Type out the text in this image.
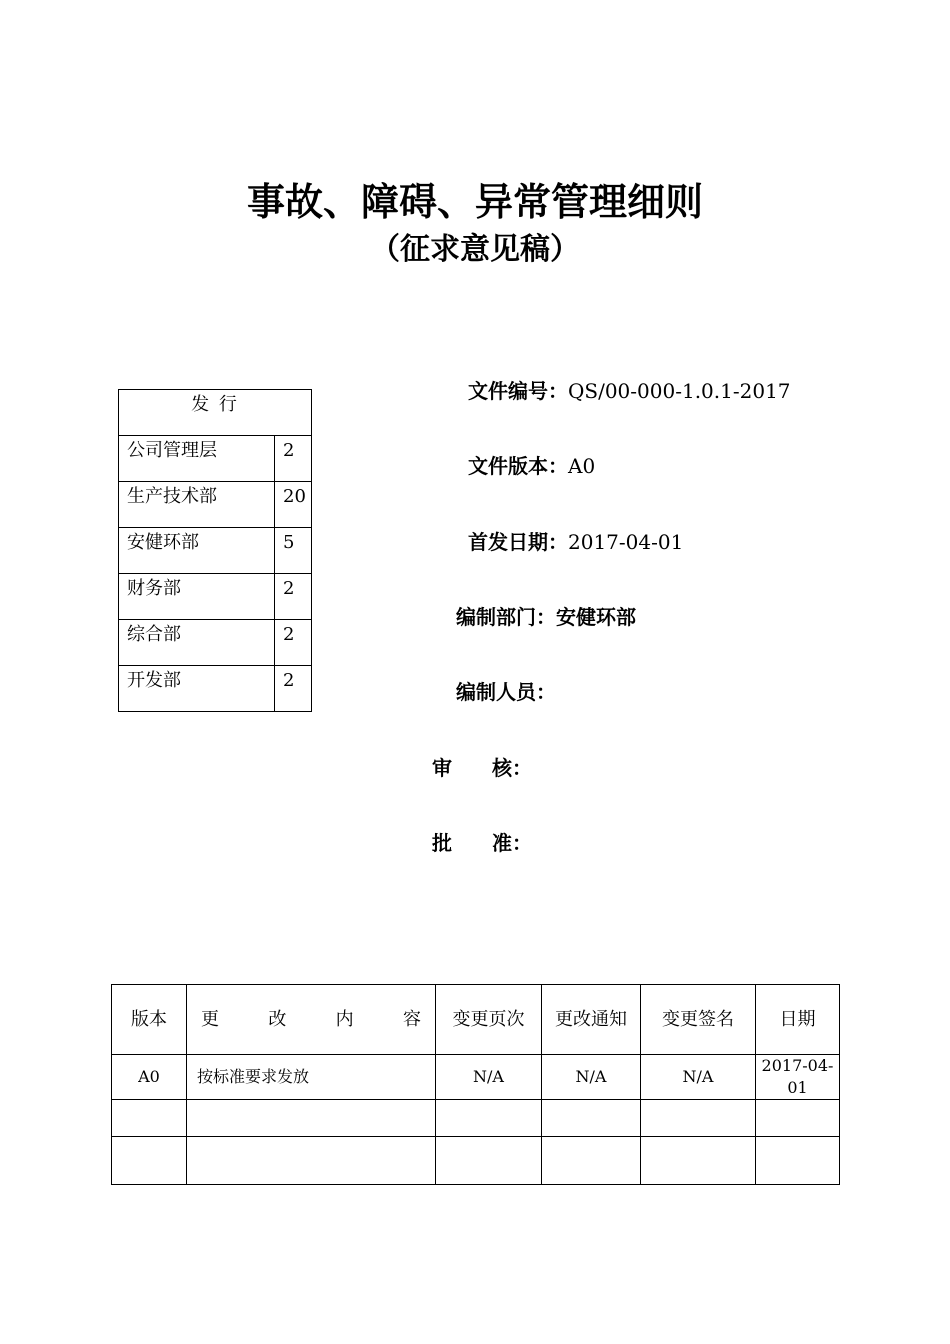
事故、障碍、异常管理细则
（征求意见稿）
发 行	
公司管理层	2
生产技术部	20
安健环部	5
财务部	2
综合部	2
开发部	2
文件编号：QS/00-000-1.0.1-2017
文件版本：A0
首发日期：2017-04-01
编制部门：安健环部
编制人员：
审　　核：
批　　准：
版本	更改内容	变更页次	更改通知	变更签名	日期
A0	按标准要求发放	N/A	N/A	N/A	2017-04-01
